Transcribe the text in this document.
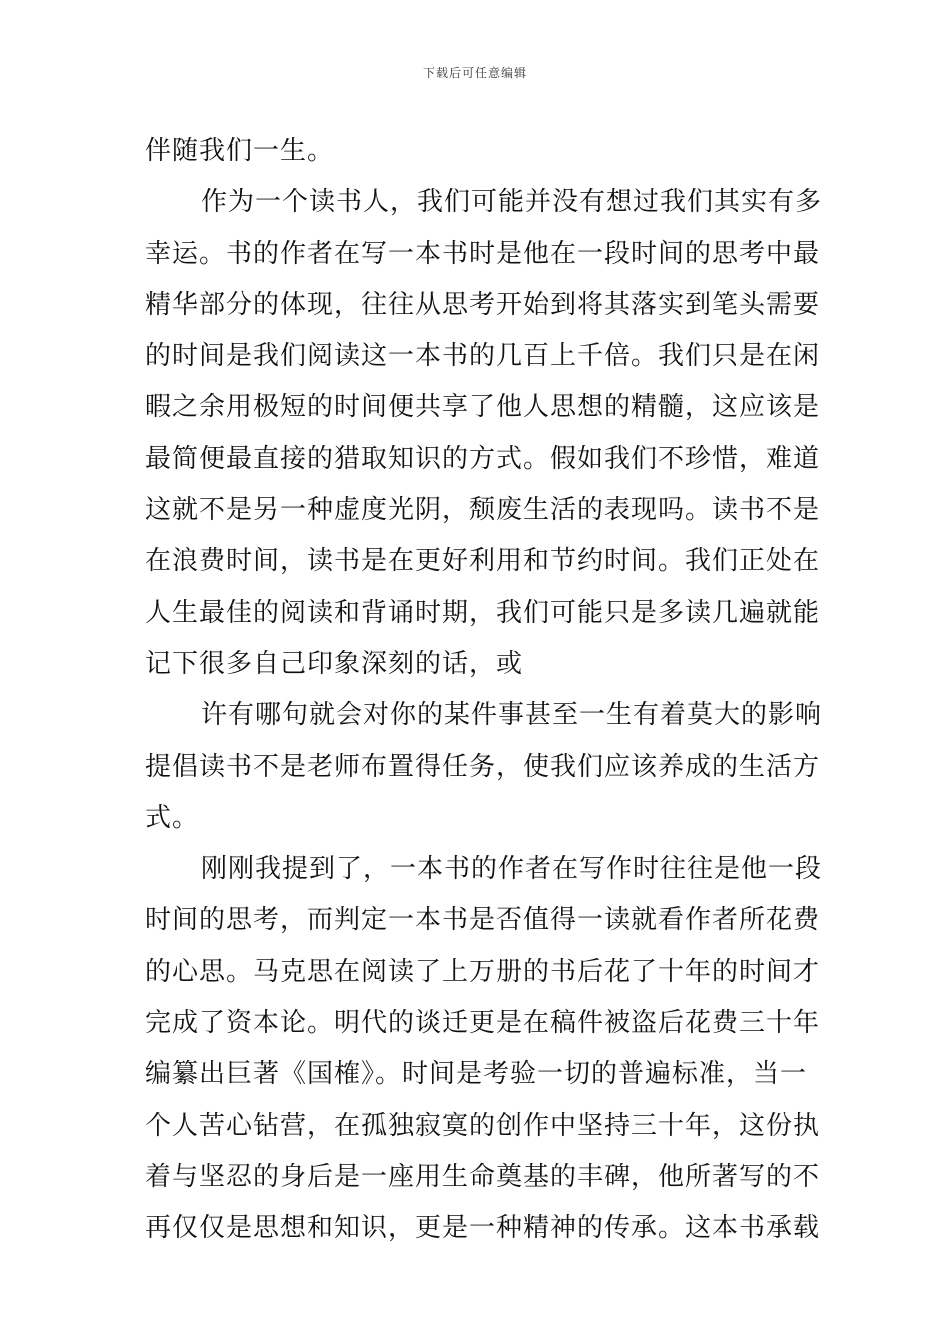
下载后可任意编辑
伴随我们一生。
作为一个读书人，我们可能并没有想过我们其实有多
幸运。书的作者在写一本书时是他在一段时间的思考中最
精华部分的体现，往往从思考开始到将其落实到笔头需要
的时间是我们阅读这一本书的几百上千倍。我们只是在闲
暇之余用极短的时间便共享了他人思想的精髓，这应该是
最简便最直接的猎取知识的方式。假如我们不珍惜，难道
这就不是另一种虚度光阴，颓废生活的表现吗。读书不是
在浪费时间，读书是在更好利用和节约时间。我们正处在
人生最佳的阅读和背诵时期，我们可能只是多读几遍就能
记下很多自己印象深刻的话，或
许有哪句就会对你的某件事甚至一生有着莫大的影响
提倡读书不是老师布置得任务，使我们应该养成的生活方
式。
刚刚我提到了，一本书的作者在写作时往往是他一段
时间的思考，而判定一本书是否值得一读就看作者所花费
的心思。马克思在阅读了上万册的书后花了十年的时间才
完成了资本论。明代的谈迁更是在稿件被盗后花费三十年
编纂出巨著《国榷》。时间是考验一切的普遍标准，当一
个人苦心钻营，在孤独寂寞的创作中坚持三十年，这份执
着与坚忍的身后是一座用生命奠基的丰碑，他所著写的不
再仅仅是思想和知识，更是一种精神的传承。这本书承载
